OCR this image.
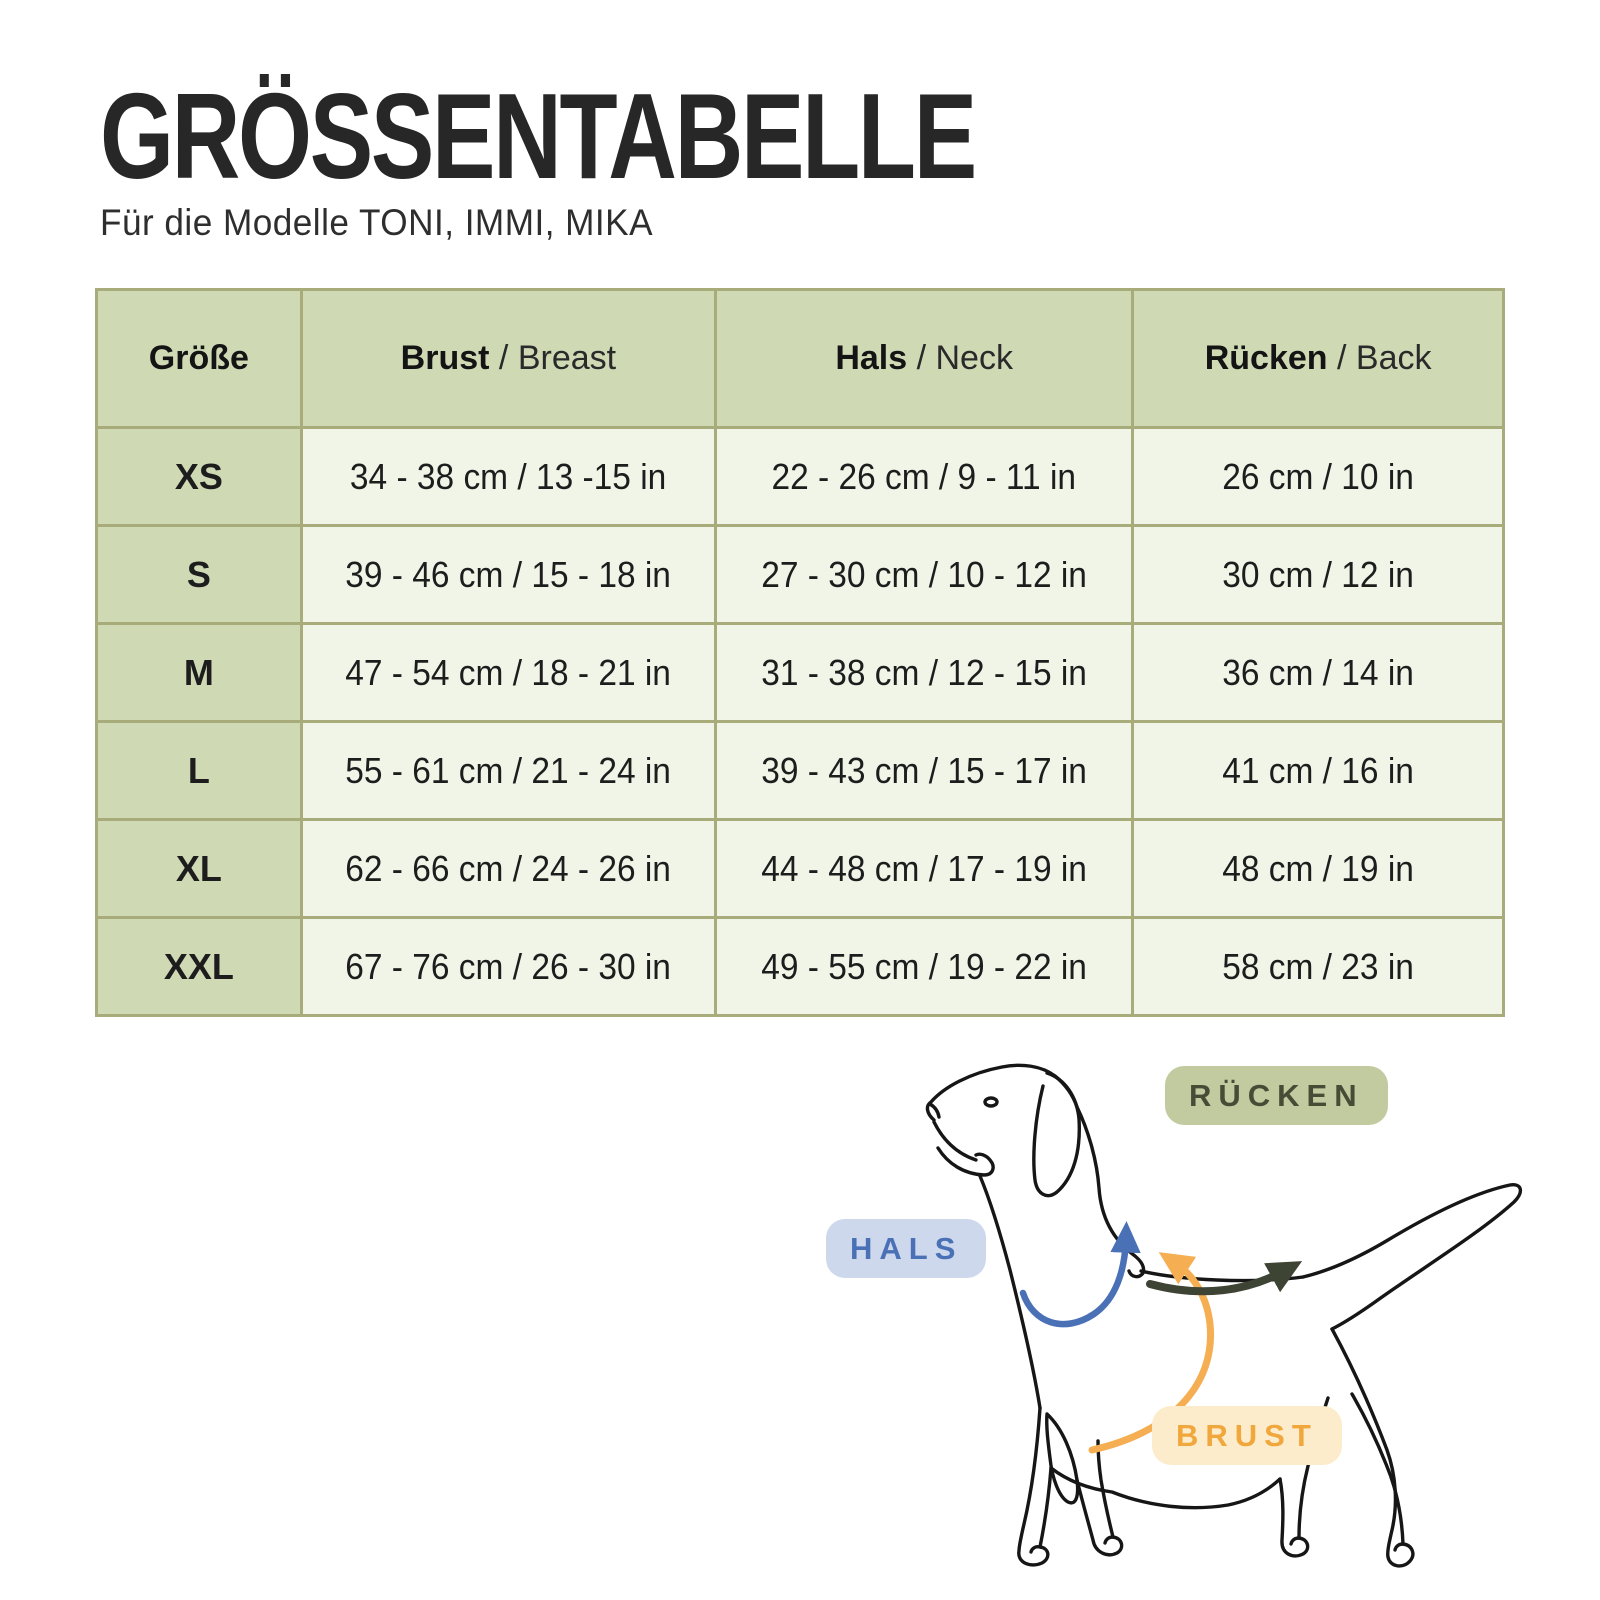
GRÖSSENTABELLE
Für die Modelle TONI, IMMI, MIKA
Größe	Brust / Breast	Hals / Neck	Rücken / Back
XS	34 - 38 cm / 13 -15 in	22 - 26 cm / 9 - 11 in	26 cm / 10 in
S	39 - 46 cm / 15 - 18 in	27 - 30 cm / 10 - 12 in	30 cm / 12 in
M	47 - 54 cm / 18 - 21 in	31 - 38 cm / 12 - 15 in	36 cm / 14 in
L	55 - 61 cm / 21 - 24 in	39 - 43 cm / 15 - 17 in	41 cm / 16 in
XL	62 - 66 cm / 24 - 26 in	44 - 48 cm / 17 - 19 in	48 cm / 19 in
XXL	67 - 76 cm / 26 - 30 in	49 - 55 cm / 19 - 22 in	58 cm / 23 in
RÜCKEN
HALS
BRUST
